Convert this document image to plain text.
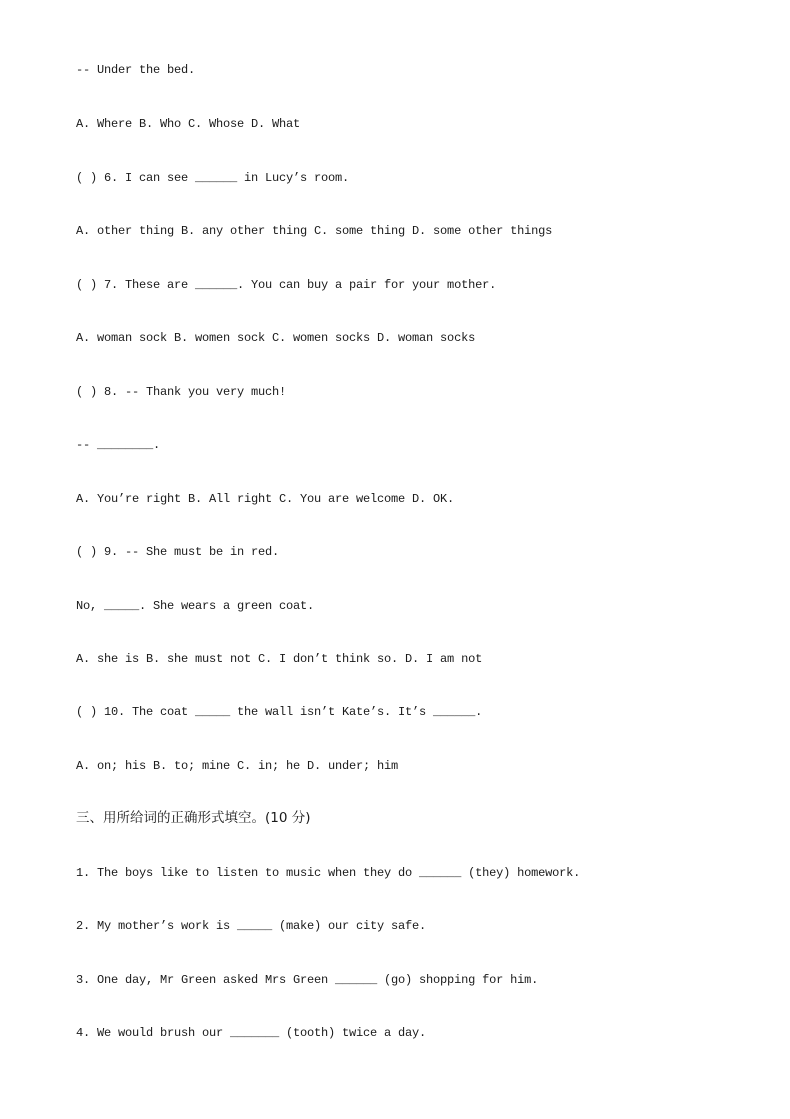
-- Under the bed.
A. Where B. Who C. Whose D. What
( ) 6. I can see ______ in Lucy’s room.
A. other thing B. any other thing C. some thing D. some other things
( ) 7. These are ______. You can buy a pair for your mother.
A. woman sock B. women sock C. women socks D. woman socks
( ) 8. -- Thank you very much!
-- ________.
A. You’re right B. All right C. You are welcome D. OK.
( ) 9. -- She must be in red.
No, _____. She wears a green coat.
A. she is B. she must not C. I don’t think so. D. I am not
( ) 10. The coat _____ the wall isn’t Kate’s. It’s ______.
A. on; his B. to; mine C. in; he D. under; him
三、用所给词的正确形式填空。(10 分)
1. The boys like to listen to music when they do ______ (they) homework.
2. My mother’s work is _____ (make) our city safe.
3. One day, Mr Green asked Mrs Green ______ (go) shopping for him.
4. We would brush our _______ (tooth) twice a day.
